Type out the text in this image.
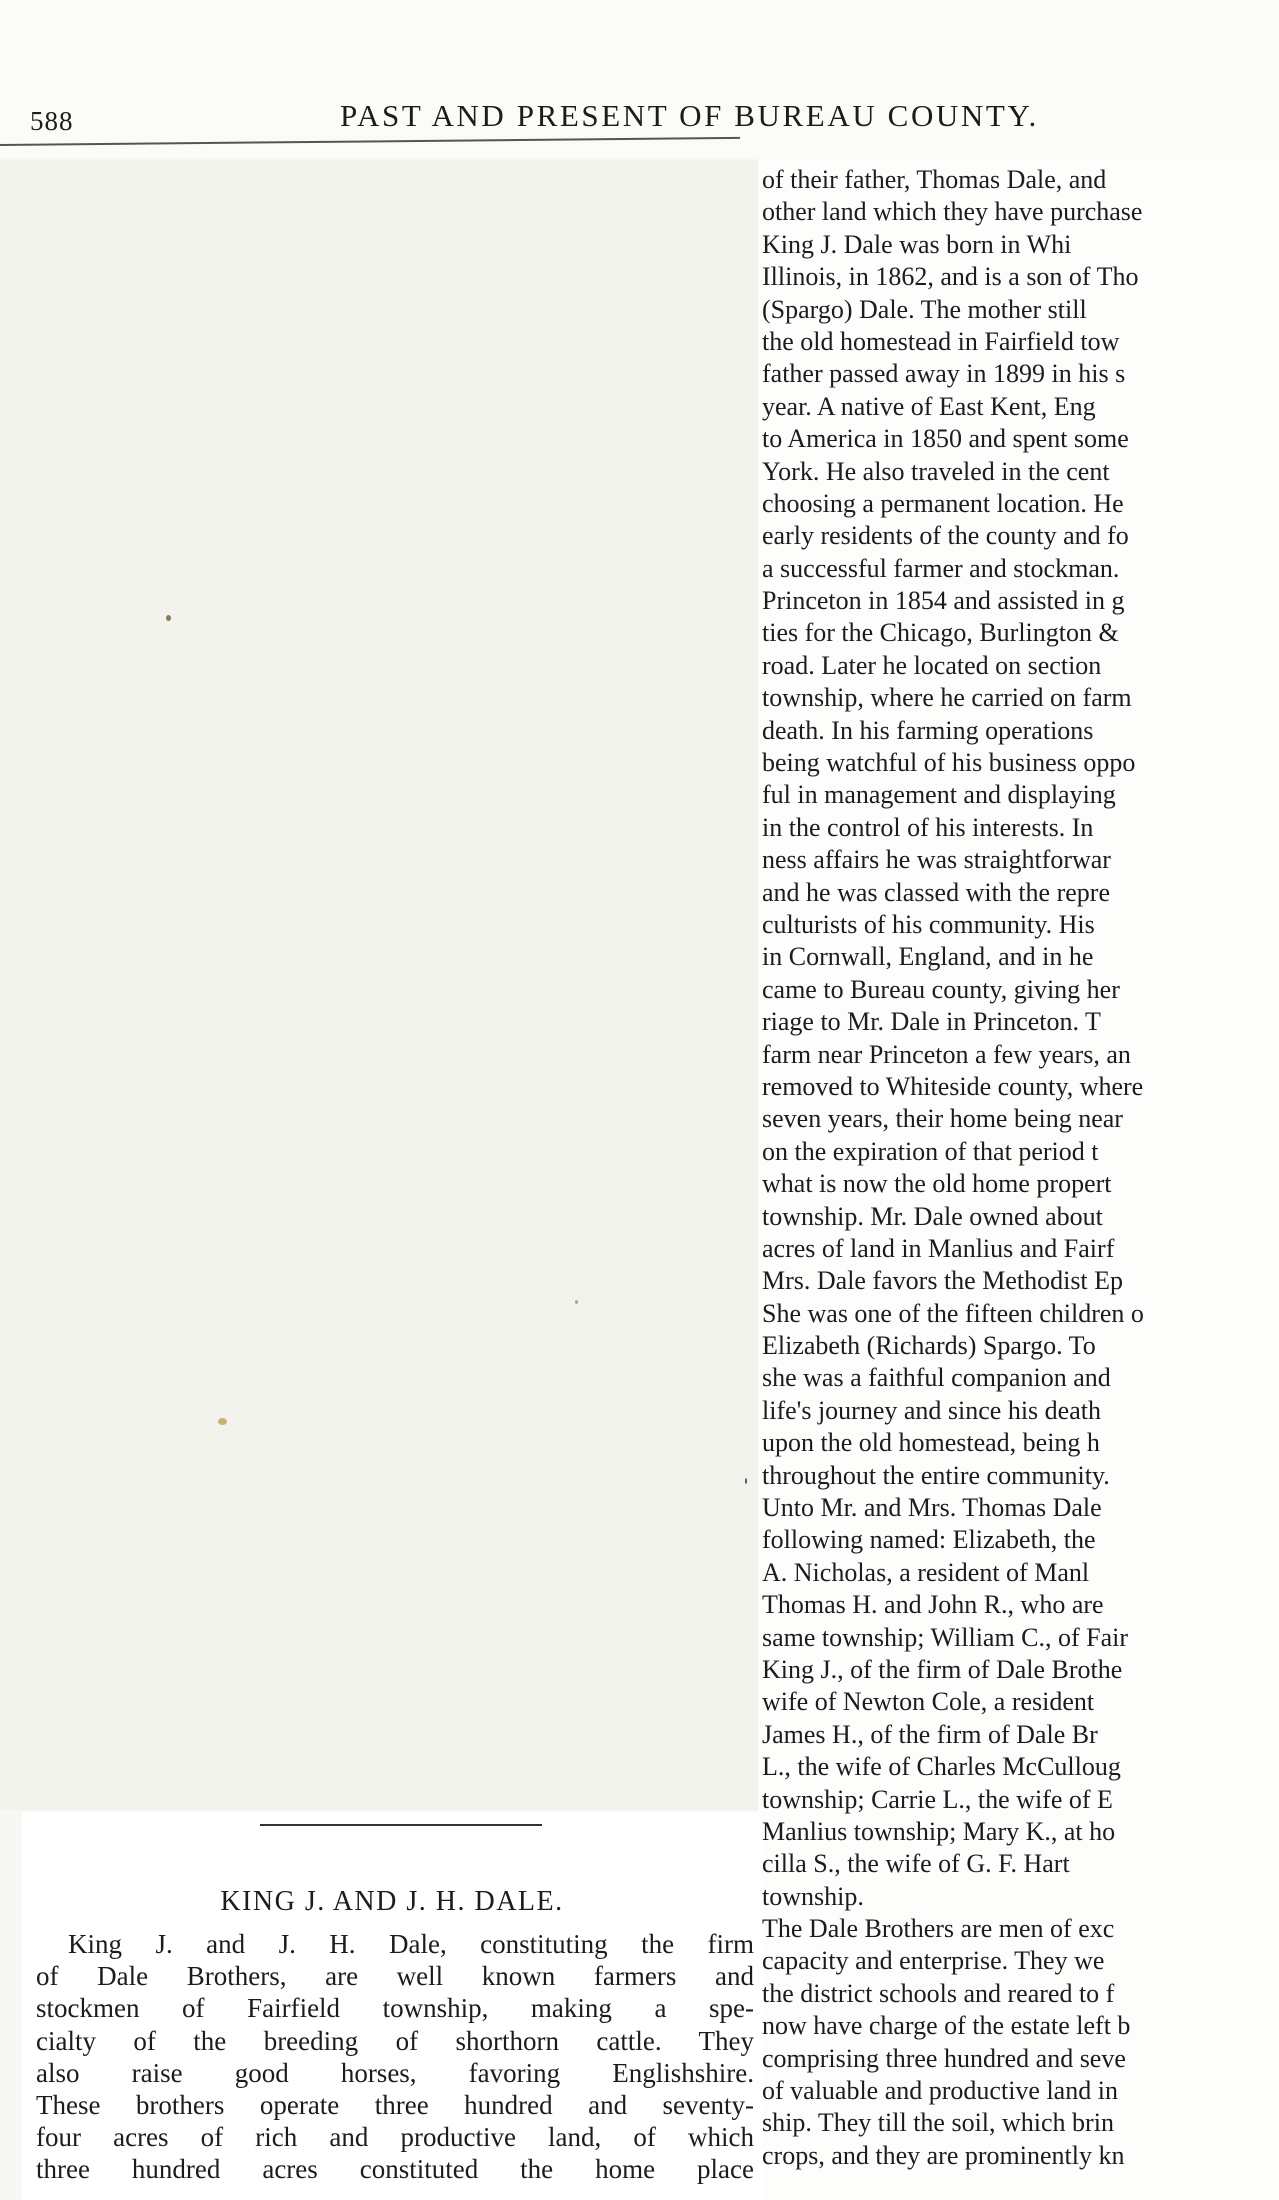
588	PAST AND PRESENT OF BUREAU COUNTY.
of their father, Thomas Dale, and
other land which they have purchase
King J. Dale was born in Whi
Illinois, in 1862, and is a son of Tho
(Spargo) Dale. The mother still
the old homestead in Fairfield tow
father passed away in 1899 in his s
year. A native of East Kent, Eng
to America in 1850 and spent some
York. He also traveled in the cent
choosing a permanent location. He
early residents of the county and fo
a successful farmer and stockman.
Princeton in 1854 and assisted in g
ties for the Chicago, Burlington &
road. Later he located on section
township, where he carried on farm
death. In his farming operations
being watchful of his business oppo
ful in management and displaying
in the control of his interests. In
ness affairs he was straightforwar
and he was classed with the repre
culturists of his community. His
in Cornwall, England, and in he
came to Bureau county, giving her
riage to Mr. Dale in Princeton. T
farm near Princeton a few years, an
removed to Whiteside county, where
seven years, their home being near
on the expiration of that period t
what is now the old home propert
township. Mr. Dale owned about
acres of land in Manlius and Fairf
Mrs. Dale favors the Methodist Ep
She was one of the fifteen children o
Elizabeth (Richards) Spargo. To
she was a faithful companion and
life's journey and since his death
upon the old homestead, being h
throughout the entire community.
Unto Mr. and Mrs. Thomas Dale
following named: Elizabeth, the
A. Nicholas, a resident of Manl
Thomas H. and John R., who are
same township; William C., of Fair
King J., of the firm of Dale Brothe
wife of Newton Cole, a resident
James H., of the firm of Dale Br
L., the wife of Charles McCulloug
township; Carrie L., the wife of E
Manlius township; Mary K., at ho
cilla S., the wife of G. F. Hart
township.
The Dale Brothers are men of exc
capacity and enterprise. They we
the district schools and reared to f
now have charge of the estate left b
comprising three hundred and seve
of valuable and productive land in
ship. They till the soil, which brin
crops, and they are prominently kn
KING J. AND J. H. DALE.
King J. and J. H. Dale, constituting the firm
of Dale Brothers, are well known farmers and
stockmen of Fairfield township, making a spe-
cialty of the breeding of shorthorn cattle. They
also raise good horses, favoring Englishshire.
These brothers operate three hundred and seventy-
four acres of rich and productive land, of which
three hundred acres constituted the home place
